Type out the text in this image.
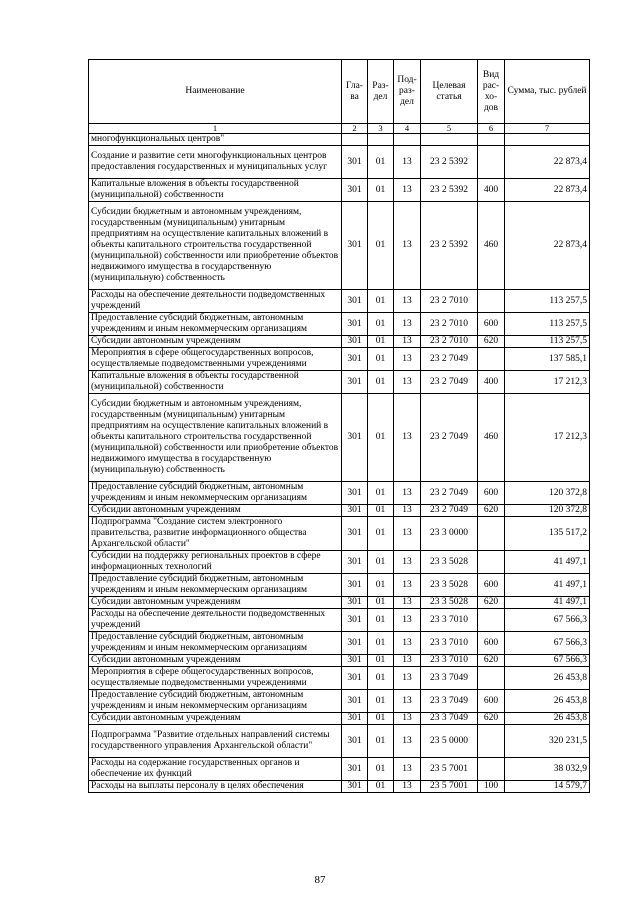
Наименование	Гла-ва	Раз-дел	Под-раз-дел	Целевая статья	Вид рас-хо-дов	Сумма, тыс. рублей
1	2	3	4	5	6	7
многофункциональных центров"						
Создание и развитие сети многофункциональных центров предоставления государственных и муниципальных услуг	301	01	13	23 2 5392		22 873,4
Капитальные вложения в объекты государственной (муниципальной) собственности	301	01	13	23 2 5392	400	22 873,4
Субсидии бюджетным и автономным учреждениям, государственным (муниципальным) унитарным предприятиям на осуществление капитальных вложений в объекты капитального строительства государственной (муниципальной) собственности или приобретение объектов недвижимого имущества в государственную (муниципальную) собственность	301	01	13	23 2 5392	460	22 873,4
Расходы на обеспечение деятельности подведомственных учреждений	301	01	13	23 2 7010		113 257,5
Предоставление субсидий бюджетным, автономным учреждениям и иным некоммерческим организациям	301	01	13	23 2 7010	600	113 257,5
Субсидии автономным учреждениям	301	01	13	23 2 7010	620	113 257,5
Мероприятия в сфере общегосударственных вопросов, осуществляемые подведомственными учреждениями	301	01	13	23 2 7049		137 585,1
Капитальные вложения в объекты государственной (муниципальной) собственности	301	01	13	23 2 7049	400	17 212,3
Субсидии бюджетным и автономным учреждениям, государственным (муниципальным) унитарным предприятиям на осуществление капитальных вложений в объекты капитального строительства государственной (муниципальной) собственности или приобретение объектов недвижимого имущества в государственную (муниципальную) собственность	301	01	13	23 2 7049	460	17 212,3
Предоставление субсидий бюджетным, автономным учреждениям и иным некоммерческим организациям	301	01	13	23 2 7049	600	120 372,8
Субсидии автономным учреждениям	301	01	13	23 2 7049	620	120 372,8
Подпрограмма "Создание систем электронного правительства, развитие информационного общества Архангельской области"	301	01	13	23 3 0000		135 517,2
Субсидии на поддержку региональных проектов в сфере информационных технологий	301	01	13	23 3 5028		41 497,1
Предоставление субсидий бюджетным, автономным учреждениям и иным некоммерческим организациям	301	01	13	23 3 5028	600	41 497,1
Субсидии автономным учреждениям	301	01	13	23 3 5028	620	41 497,1
Расходы на обеспечение деятельности подведомственных учреждений	301	01	13	23 3 7010		67 566,3
Предоставление субсидий бюджетным, автономным учреждениям и иным некоммерческим организациям	301	01	13	23 3 7010	600	67 566,3
Субсидии автономным учреждениям	301	01	13	23 3 7010	620	67 566,3
Мероприятия в сфере общегосударственных вопросов, осуществляемые подведомственными учреждениями	301	01	13	23 3 7049		26 453,8
Предоставление субсидий бюджетным, автономным учреждениям и иным некоммерческим организациям	301	01	13	23 3 7049	600	26 453,8
Субсидии автономным учреждениям	301	01	13	23 3 7049	620	26 453,8
Подпрограмма "Развитие отдельных направлений системы государственного управления Архангельской области"	301	01	13	23 5 0000		320 231,5
Расходы на содержание государственных органов и обеспечение их функций	301	01	13	23 5 7001		38 032,9
Расходы на выплаты персоналу в целях обеспечения	301	01	13	23 5 7001	100	14 579,7
87
